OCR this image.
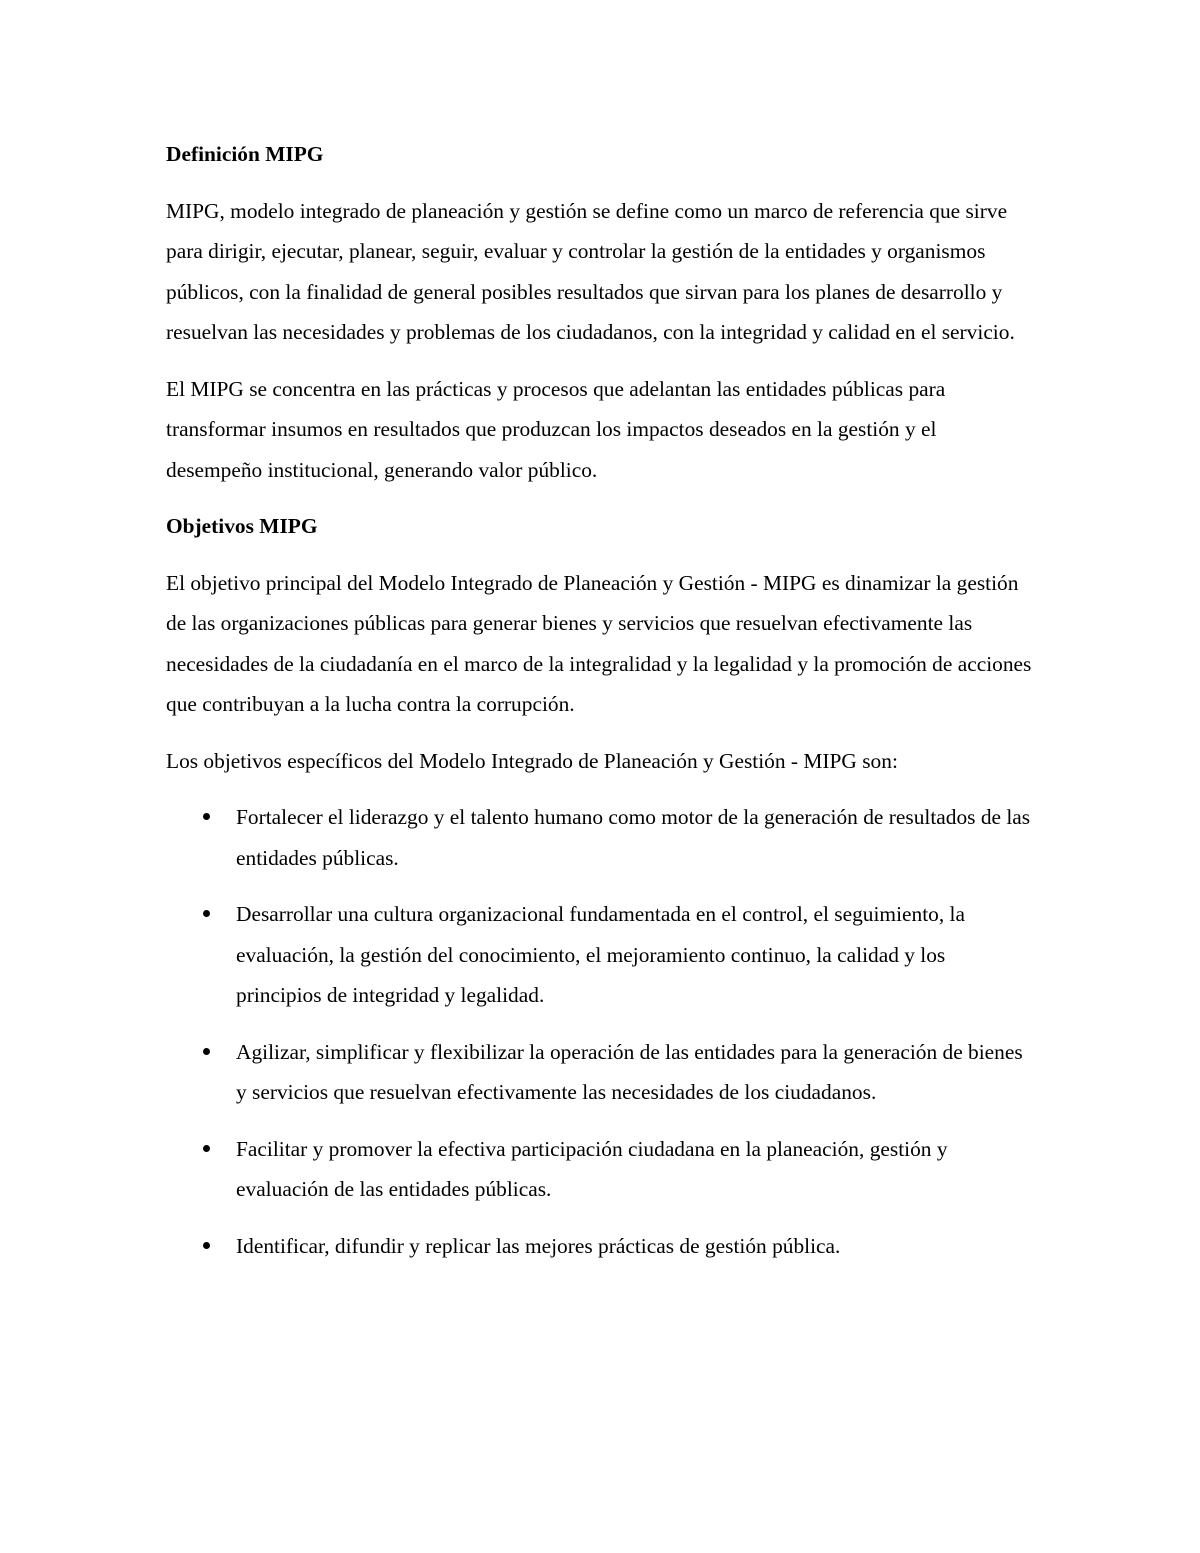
Definición MIPG

MIPG, modelo integrado de planeación y gestión se define como un marco de referencia que sirve para dirigir, ejecutar, planear, seguir, evaluar y controlar la gestión de la entidades y organismos públicos, con la finalidad de general posibles resultados que sirvan para los planes de desarrollo y resuelvan las necesidades y problemas de los ciudadanos, con la integridad y calidad en el servicio.

El MIPG se concentra en las prácticas y procesos que adelantan las entidades públicas para transformar insumos en resultados que produzcan los impactos deseados en la gestión y el desempeño institucional, generando valor público.

Objetivos MIPG

El objetivo principal del Modelo Integrado de Planeación y Gestión - MIPG es dinamizar la gestión de las organizaciones públicas para generar bienes y servicios que resuelvan efectivamente las necesidades de la ciudadanía en el marco de la integralidad y la legalidad y la promoción de acciones que contribuyan a la lucha contra la corrupción.

Los objetivos específicos del Modelo Integrado de Planeación y Gestión - MIPG son:

Fortalecer el liderazgo y el talento humano como motor de la generación de resultados de las entidades públicas.
Desarrollar una cultura organizacional fundamentada en el control, el seguimiento, la evaluación, la gestión del conocimiento, el mejoramiento continuo, la calidad y los principios de integridad y legalidad.
Agilizar, simplificar y flexibilizar la operación de las entidades para la generación de bienes y servicios que resuelvan efectivamente las necesidades de los ciudadanos.
Facilitar y promover la efectiva participación ciudadana en la planeación, gestión y evaluación de las entidades públicas.
Identificar, difundir y replicar las mejores prácticas de gestión pública.
